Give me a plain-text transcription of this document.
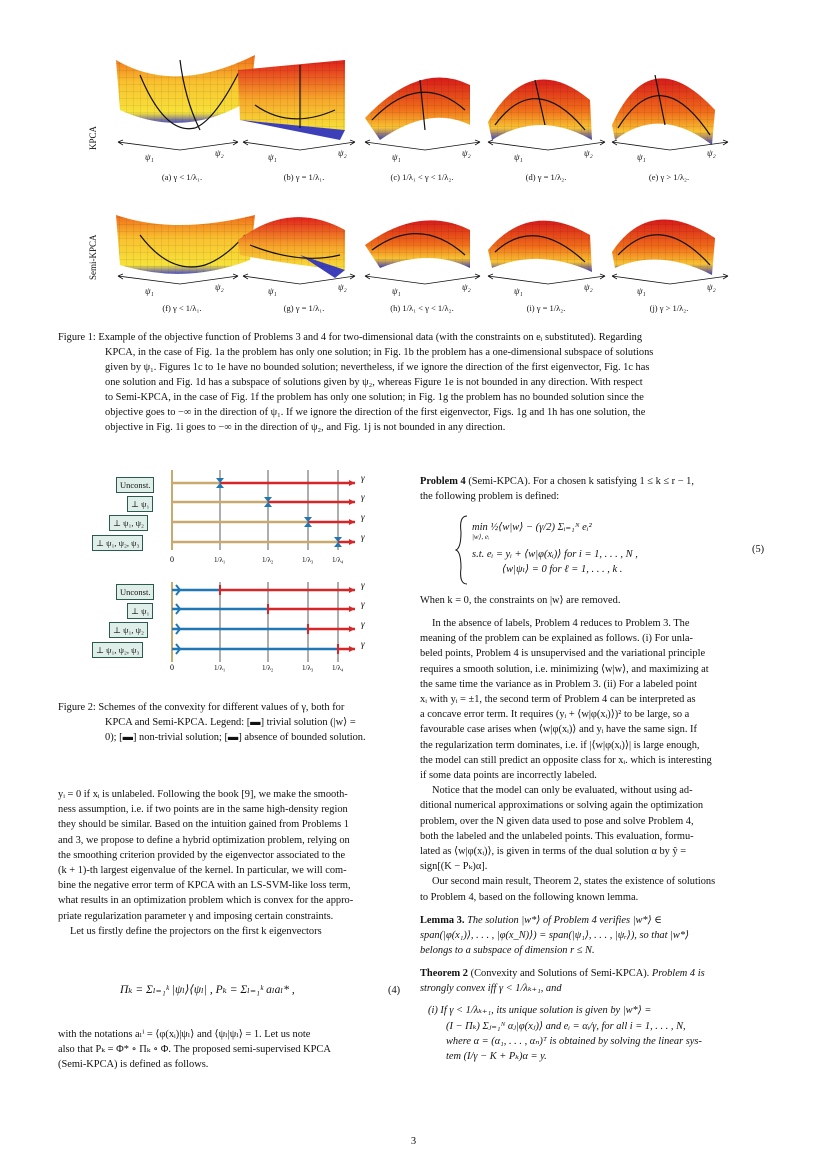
KPCA
Semi-KPCA
ψ₁	ψ₂	ψ₁	ψ₂	ψ₁	ψ₂	ψ₁	ψ₂	ψ₁	ψ₂
ψ₁	ψ₂	ψ₁	ψ₂	ψ₁	ψ₂	ψ₁	ψ₂	ψ₁	ψ₂
(a) γ < 1/λ₁.	(b) γ = 1/λ₁.	(c) 1/λ₁ < γ < 1/λ₂.	(d) γ = 1/λ₂.	(e) γ > 1/λ₂.
(f) γ < 1/λ₁.	(g) γ = 1/λ₁.	(h) 1/λ₁ < γ < 1/λ₂.	(i) γ = 1/λ₂.	(j) γ > 1/λ₂.
Figure 1: Example of the objective function of Problems 3 and 4 for two-dimensional data (with the constraints on eᵢ substituted). Regarding
KPCA, in the case of Fig. 1a the problem has only one solution; in Fig. 1b the problem has a one-dimensional subspace of solutions
given by ψ₁. Figures 1c to 1e have no bounded solution; nevertheless, if we ignore the direction of the first eigenvector, Fig. 1c has
one solution and Fig. 1d has a subspace of solutions given by ψ₂, whereas Figure 1e is not bounded in any direction. With respect
to Semi-KPCA, in the case of Fig. 1f the problem has only one solution; in Fig. 1g the problem has no bounded solution since the
objective goes to −∞ in the direction of ψ₁. If we ignore the direction of the first eigenvector, Figs. 1g and 1h has one solution, the
objective in Fig. 1i goes to −∞ in the direction of ψ₂, and Fig. 1j is not bounded in any direction.
γ
γ
γ
γ
γ
γ
γ
γ
0	1/λ₁	1/λ₂	1/λ₃	1/λ₄
0	1/λ₁	1/λ₂	1/λ₃	1/λ₄
Unconst.
⊥ ψ₁
⊥ ψ₁, ψ₂
⊥ ψ₁, ψ₂, ψ₃
Unconst.
⊥ ψ₁
⊥ ψ₁, ψ₂
⊥ ψ₁, ψ₂, ψ₃
Figure 2: Schemes of the convexity for different values of γ, both for
KPCA and Semi-KPCA. Legend: [▬] trivial solution (|w⟩ =
0); [▬] non-trivial solution; [▬] absence of bounded solution.
yᵢ = 0 if xᵢ is unlabeled. Following the book [9], we make the smooth-
ness assumption, i.e. if two points are in the same high-density region
they should be similar. Based on the intuition gained from Problems 1
and 3, we propose to define a hybrid optimization problem, relying on
the smoothing criterion provided by the eigenvector associated to the
(k + 1)-th largest eigenvalue of the kernel. In particular, we will com-
bine the negative error term of KPCA with an LS-SVM-like loss term,
what results in an optimization problem which is convex for the appro-
priate regularization parameter γ and imposing certain constraints.
Let us firstly define the projectors on the first k eigenvectors
Πₖ = Σₗ₌₁ᵏ |ψₗ⟩⟨ψₗ| , Pₖ = Σₗ₌₁ᵏ aₗaₗ* ,	(4)
with the notations aₗⁱ = ⟨φ(xᵢ)|ψₗ⟩ and ⟨ψₗ|ψₗ⟩ = 1. Let us note
also that Pₖ = Φ* ∘ Πₖ ∘ Φ. The proposed semi-supervised KPCA
(Semi-KPCA) is defined as follows.
Problem 4 (Semi-KPCA). For a chosen k satisfying 1 ≤ k ≤ r − 1,
the following problem is defined:
min ½⟨w|w⟩ − (γ/2) Σᵢ₌₁ᴺ eᵢ²
|w⟩, eᵢ
s.t. eᵢ = yᵢ + ⟨w|φ(xᵢ)⟩ for i = 1, . . . , N ,
⟨w|ψₗ⟩ = 0 for ℓ = 1, . . . , k .
(5)
When k = 0, the constraints on |w⟩ are removed.
In the absence of labels, Problem 4 reduces to Problem 3. The
meaning of the problem can be explained as follows. (i) For unla-
beled points, Problem 4 is unsupervised and the variational principle
requires a smooth solution, i.e. minimizing ⟨w|w⟩, and maximizing at
the same time the variance as in Problem 3. (ii) For a labeled point
xᵢ with yᵢ = ±1, the second term of Problem 4 can be interpreted as
a concave error term. It requires (yᵢ + ⟨w|φ(xᵢ)⟩)² to be large, so a
favourable case arises when ⟨w|φ(xᵢ)⟩ and yᵢ have the same sign. If
the regularization term dominates, i.e. if |⟨w|φ(xᵢ)⟩| is large enough,
the model can still predict an opposite class for xᵢ. which is interesting
if some data points are incorrectly labeled.
Notice that the model can only be evaluated, without using ad-
ditional numerical approximations or solving again the optimization
problem, over the N given data used to pose and solve Problem 4,
both the labeled and the unlabeled points. This evaluation, formu-
lated as ⟨w|φ(xᵢ)⟩, is given in terms of the dual solution α by ŷ =
sign[(K − Pₖ)α].
Our second main result, Theorem 2, states the existence of solutions
to Problem 4, based on the following known lemma.
Lemma 3. The solution |w*⟩ of Problem 4 verifies |w*⟩ ∈
span(|φ(x₁)⟩, . . . , |φ(x_N)⟩) = span(|ψ₁⟩, . . . , |ψᵣ⟩), so that |w*⟩
belongs to a subspace of dimension r ≤ N.
Theorem 2 (Convexity and Solutions of Semi-KPCA). Problem 4 is
strongly convex iff γ < 1/λₖ₊₁, and
(i) If γ < 1/λₖ₊₁, its unique solution is given by |w*⟩ =
(I − Πₖ) Σⱼ₌₁ᴺ αⱼ|φ(xⱼ)⟩ and eᵢ = αᵢ/γ, for all i = 1, . . . , N,
where α = (α₁, . . . , αₙ)ᵀ is obtained by solving the linear sys-
tem (I/γ − K + Pₖ)α = y.
3
